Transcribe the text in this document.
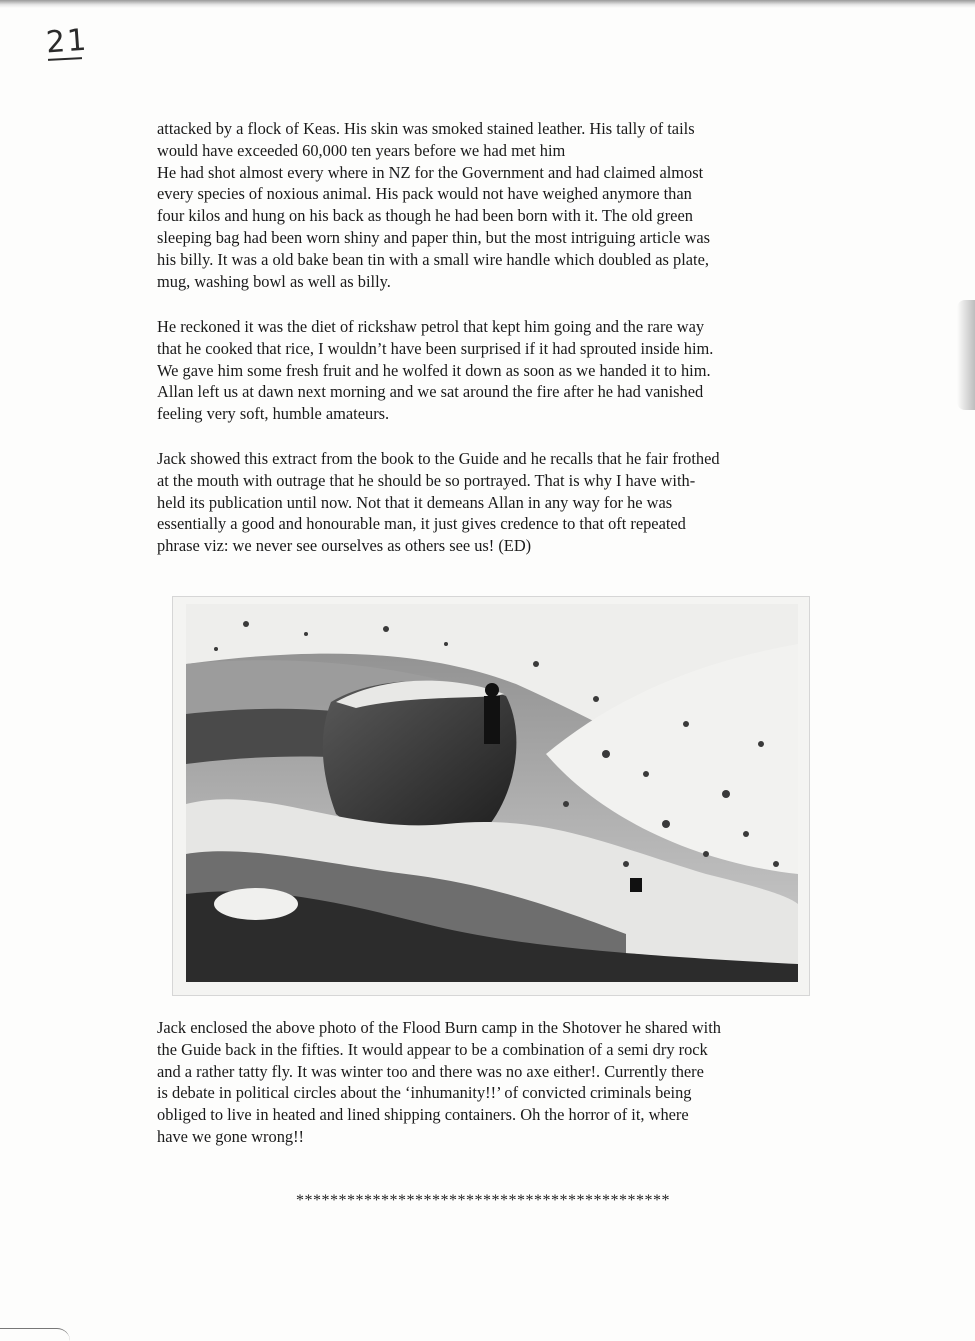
21

attacked by a flock of Keas. His skin was smoked stained leather. His tally of tails
would have exceeded 60,000 ten years before we had met him
He had shot almost every where in NZ for the Government and had claimed almost
every species of noxious animal. His pack would not have weighed anymore than
four kilos and hung on his back as though he had been born with it. The old green
sleeping bag had been worn shiny and paper thin, but the most intriguing article was
his billy. It was a old bake bean tin with a small wire handle which doubled as plate,
mug, washing bowl as well as billy.

He reckoned it was the diet of rickshaw petrol that kept him going and the rare way
that he cooked that rice, I wouldn’t have been surprised if it had sprouted inside him.
We gave him some fresh fruit and he wolfed it down as soon as we handed it to him.
Allan left us at dawn next morning and we sat around the fire after he had vanished
feeling very soft, humble amateurs.

Jack showed this extract from the book to the Guide and he recalls that he fair frothed
at the mouth with outrage that he should be so portrayed. That is why I have with-
held its publication until now. Not that it demeans Allan in any way for he was
essentially a good and honourable man, it just gives credence to that oft repeated
phrase viz: we never see ourselves as others see us! (ED)

Jack enclosed the above photo of the Flood Burn camp in the Shotover he shared with
the Guide back in the fifties. It would appear to be a combination of a semi dry rock
and a rather tatty fly. It was winter too and there was no axe either!. Currently there
is debate in political circles about the ‘inhumanity!!’ of convicted criminals being
obliged to live in heated and lined shipping containers. Oh the horror of it, where
have we gone wrong!!

********************************************
